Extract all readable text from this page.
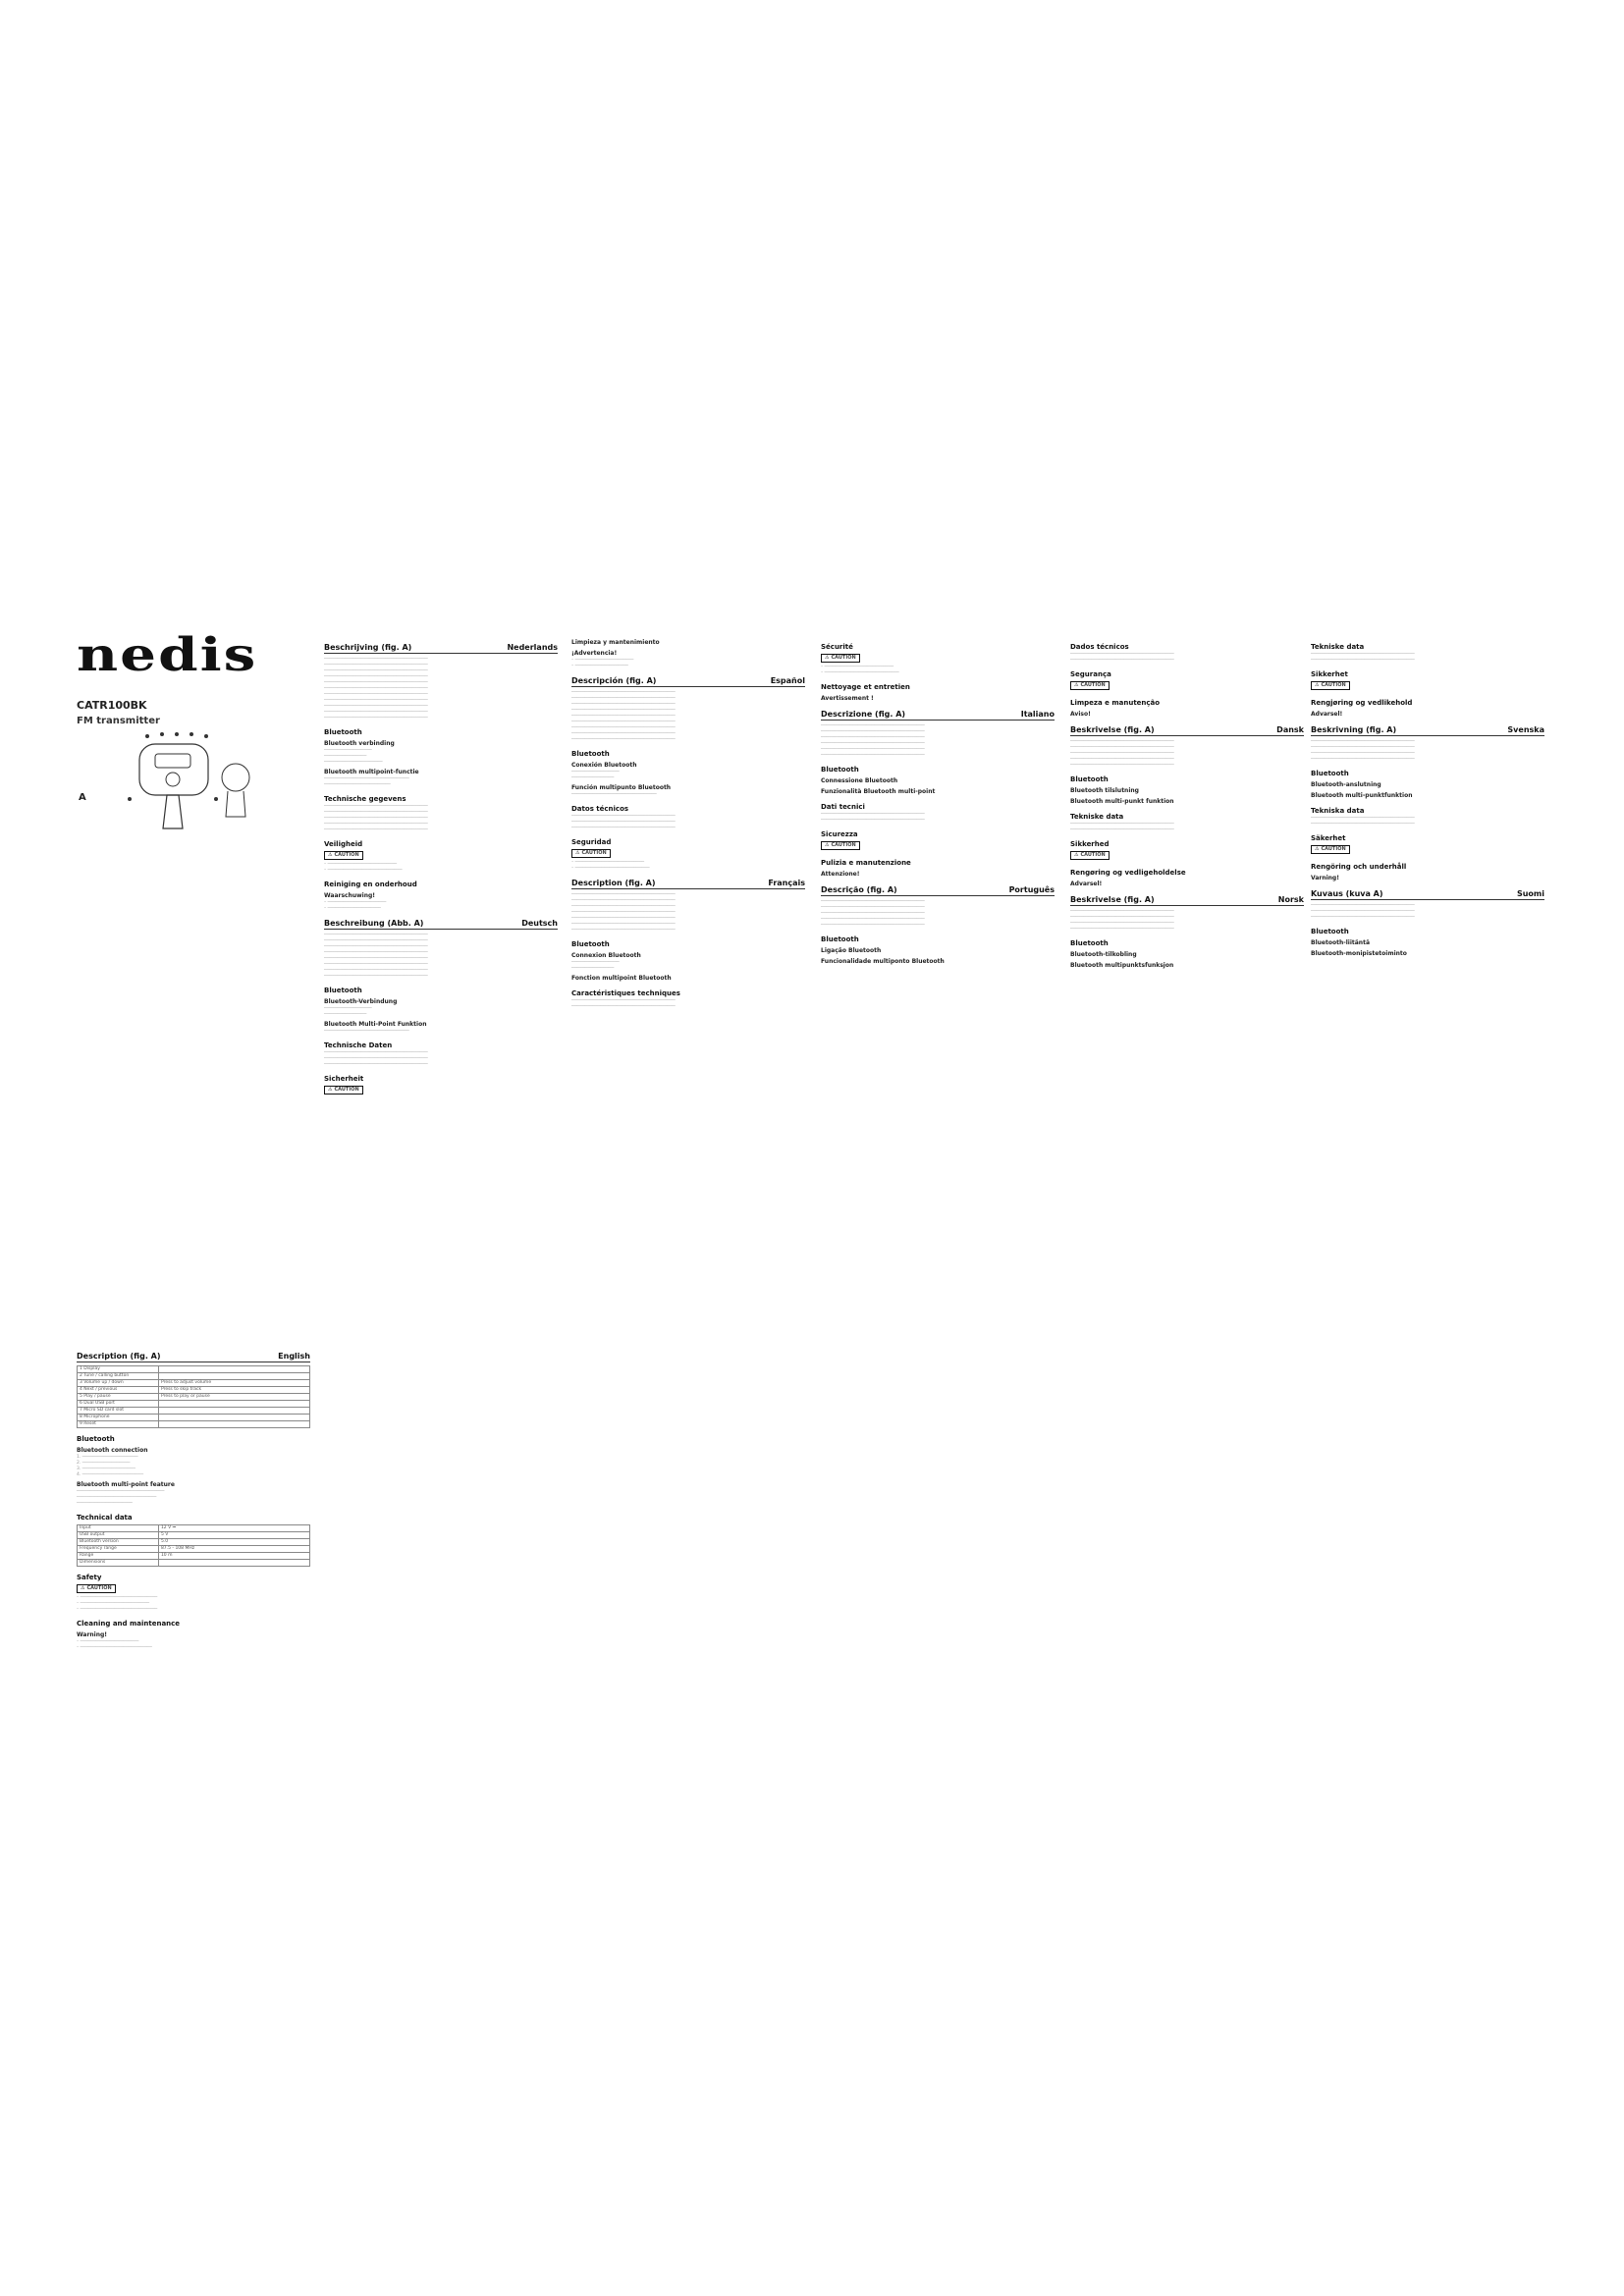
nedis
CATR100BK
FM transmitter
A
Description (fig. A)	English
1 Display	
2 Tune / calling button	
3 Volume up / down	Press to adjust volume
4 Next / previous	Press to skip track
5 Play / pause	Press to play or pause
6 Dual USB port	
7 Micro SD card slot	
8 Microphone	
9 Reset	
Bluetooth
Bluetooth connection
1. ─────────────────────
2. ──────────────────
3. ────────────────────
4. ───────────────────────
Bluetooth multi-point feature
─────────────────────────────────
──────────────────────────────
─────────────────────
Technical data
Input	12 V ⎓
USB output	5 V
Bluetooth version	5.0
Frequency range	87.5 - 108 MHz
Range	10 m
Dimensions	
Safety
⚠ CAUTION
– ─────────────────────────────
– ──────────────────────────
– ─────────────────────────────
Cleaning and maintenance
Warning!
– ──────────────────────
– ───────────────────────────
Beschrijving (fig. A)	Nederlands
───────────────────────────────────────
───────────────────────────────────────
───────────────────────────────────────
───────────────────────────────────────
───────────────────────────────────────
───────────────────────────────────────
───────────────────────────────────────
───────────────────────────────────────
───────────────────────────────────────
───────────────────────────────────────
───────────────────────────────────────
Bluetooth
Bluetooth verbinding
──────────────────
────────────────
──────────────────────
Bluetooth multipoint-functie
────────────────────────────────
─────────────────────────
Technische gegevens
───────────────────────────────────────
───────────────────────────────────────
───────────────────────────────────────
───────────────────────────────────────
───────────────────────────────────────
Veiligheid
⚠ CAUTION
– ──────────────────────────
– ────────────────────────────
Reiniging en onderhoud
Waarschuwing!
– ──────────────────────
– ────────────────────
Beschreibung (Abb. A)	Deutsch
───────────────────────────────────────
───────────────────────────────────────
───────────────────────────────────────
───────────────────────────────────────
───────────────────────────────────────
───────────────────────────────────────
───────────────────────────────────────
───────────────────────────────────────
Bluetooth
Bluetooth-Verbindung
──────────────────
────────────────
Bluetooth Multi-Point Funktion
────────────────────────────────
Technische Daten
───────────────────────────────────────
───────────────────────────────────────
───────────────────────────────────────
Sicherheit
⚠ CAUTION
Limpieza y mantenimiento
¡Advertencia!
– ──────────────────────
– ────────────────────
Descripción (fig. A)	Español
───────────────────────────────────────
───────────────────────────────────────
───────────────────────────────────────
───────────────────────────────────────
───────────────────────────────────────
───────────────────────────────────────
───────────────────────────────────────
───────────────────────────────────────
───────────────────────────────────────
Bluetooth
Conexión Bluetooth
──────────────────
────────────────
Función multipunto Bluetooth
────────────────────────────────
Datos técnicos
───────────────────────────────────────
───────────────────────────────────────
───────────────────────────────────────
Seguridad
⚠ CAUTION
– ──────────────────────────
– ────────────────────────────
Description (fig. A)	Français
───────────────────────────────────────
───────────────────────────────────────
───────────────────────────────────────
───────────────────────────────────────
───────────────────────────────────────
───────────────────────────────────────
───────────────────────────────────────
Bluetooth
Connexion Bluetooth
──────────────────
────────────────
Fonction multipoint Bluetooth
Caractéristiques techniques
───────────────────────────────────────
───────────────────────────────────────
Sécurité
⚠ CAUTION
– ──────────────────────────
– ────────────────────────────
Nettoyage et entretien
Avertissement !
Descrizione (fig. A)	Italiano
───────────────────────────────────────
───────────────────────────────────────
───────────────────────────────────────
───────────────────────────────────────
───────────────────────────────────────
───────────────────────────────────────
Bluetooth
Connessione Bluetooth
Funzionalità Bluetooth multi-point
Dati tecnici
───────────────────────────────────────
───────────────────────────────────────
Sicurezza
⚠ CAUTION
Pulizia e manutenzione
Attenzione!
Descrição (fig. A)	Português
───────────────────────────────────────
───────────────────────────────────────
───────────────────────────────────────
───────────────────────────────────────
───────────────────────────────────────
Bluetooth
Ligação Bluetooth
Funcionalidade multiponto Bluetooth
Dados técnicos
───────────────────────────────────────
───────────────────────────────────────
Segurança
⚠ CAUTION
Limpeza e manutenção
Aviso!
Beskrivelse (fig. A)	Dansk
───────────────────────────────────────
───────────────────────────────────────
───────────────────────────────────────
───────────────────────────────────────
───────────────────────────────────────
Bluetooth
Bluetooth tilslutning
Bluetooth multi-punkt funktion
Tekniske data
───────────────────────────────────────
───────────────────────────────────────
Sikkerhed
⚠ CAUTION
Rengøring og vedligeholdelse
Advarsel!
Beskrivelse (fig. A)	Norsk
───────────────────────────────────────
───────────────────────────────────────
───────────────────────────────────────
───────────────────────────────────────
Bluetooth
Bluetooth-tilkobling
Bluetooth multipunktsfunksjon
Tekniske data
───────────────────────────────────────
───────────────────────────────────────
Sikkerhet
⚠ CAUTION
Rengjøring og vedlikehold
Advarsel!
Beskrivning (fig. A)	Svenska
───────────────────────────────────────
───────────────────────────────────────
───────────────────────────────────────
───────────────────────────────────────
Bluetooth
Bluetooth-anslutning
Bluetooth multi-punktfunktion
Tekniska data
───────────────────────────────────────
───────────────────────────────────────
Säkerhet
⚠ CAUTION
Rengöring och underhåll
Varning!
Kuvaus (kuva A)	Suomi
───────────────────────────────────────
───────────────────────────────────────
───────────────────────────────────────
Bluetooth
Bluetooth-liitäntä
Bluetooth-monipistetoiminto
